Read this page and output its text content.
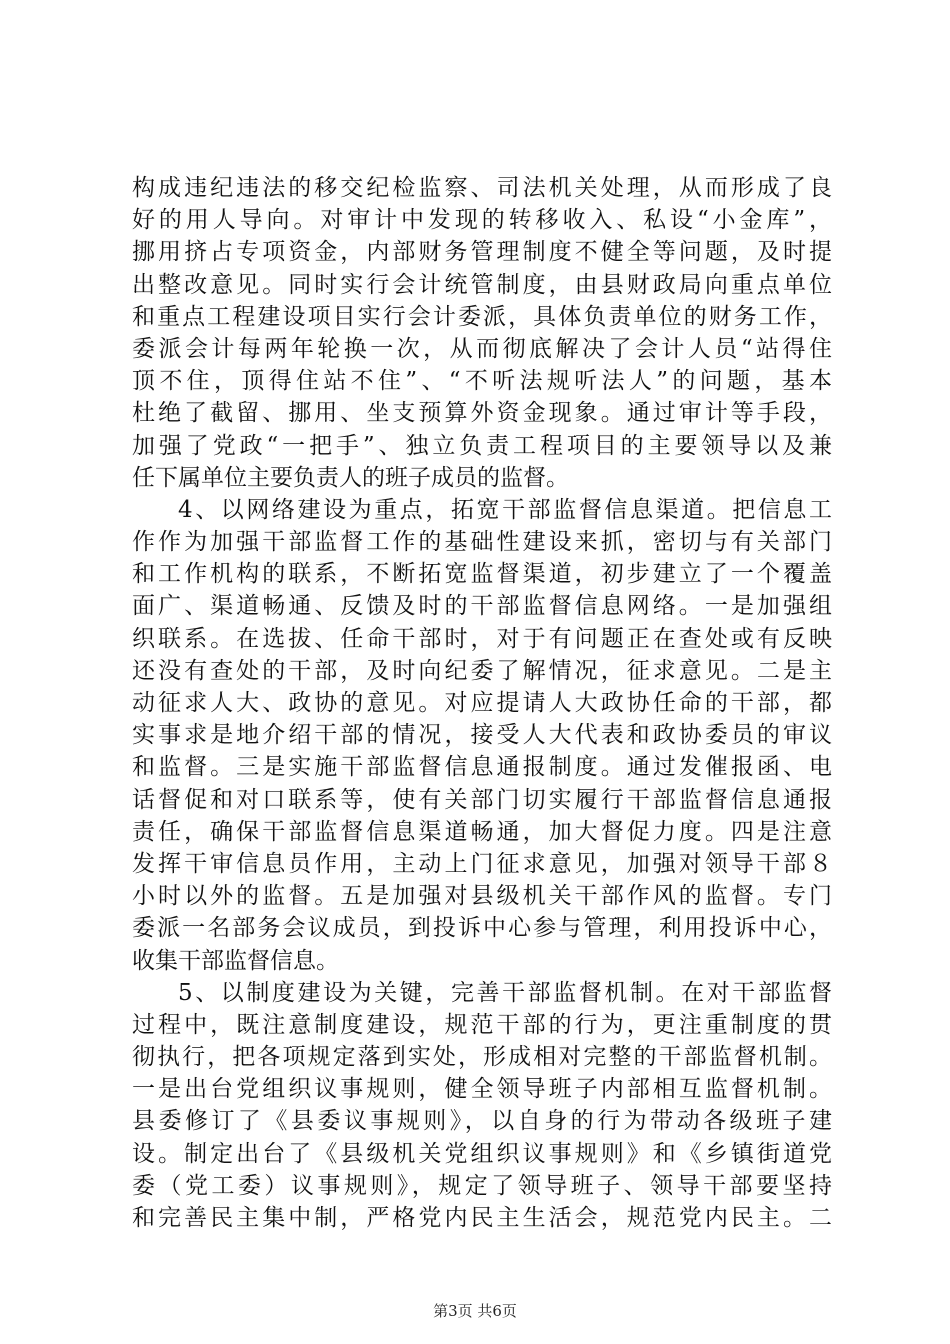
构成违纪违法的移交纪检监察、司法机关处理，从而形成了良
好的用人导向。对审计中发现的转移收入、私设“小金库”，
挪用挤占专项资金，内部财务管理制度不健全等问题，及时提
出整改意见。同时实行会计统管制度，由县财政局向重点单位
和重点工程建设项目实行会计委派，具体负责单位的财务工作，
委派会计每两年轮换一次，从而彻底解决了会计人员“站得住
顶不住，顶得住站不住”、“不听法规听法人”的问题，基本
杜绝了截留、挪用、坐支预算外资金现象。通过审计等手段，
加强了党政“一把手”、独立负责工程项目的主要领导以及兼
任下属单位主要负责人的班子成员的监督。
4、以网络建设为重点，拓宽干部监督信息渠道。把信息工
作作为加强干部监督工作的基础性建设来抓，密切与有关部门
和工作机构的联系，不断拓宽监督渠道，初步建立了一个覆盖
面广、渠道畅通、反馈及时的干部监督信息网络。一是加强组
织联系。在选拔、任命干部时，对于有问题正在查处或有反映
还没有查处的干部，及时向纪委了解情况，征求意见。二是主
动征求人大、政协的意见。对应提请人大政协任命的干部，都
实事求是地介绍干部的情况，接受人大代表和政协委员的审议
和监督。三是实施干部监督信息通报制度。通过发催报函、电
话督促和对口联系等，使有关部门切实履行干部监督信息通报
责任，确保干部监督信息渠道畅通，加大督促力度。四是注意
发挥干审信息员作用，主动上门征求意见，加强对领导干部８
小时以外的监督。五是加强对县级机关干部作风的监督。专门
委派一名部务会议成员，到投诉中心参与管理，利用投诉中心，
收集干部监督信息。
5、以制度建设为关键，完善干部监督机制。在对干部监督
过程中，既注意制度建设，规范干部的行为，更注重制度的贯
彻执行，把各项规定落到实处，形成相对完整的干部监督机制。
一是出台党组织议事规则，健全领导班子内部相互监督机制。
县委修订了《县委议事规则》，以自身的行为带动各级班子建
设。制定出台了《县级机关党组织议事规则》和《乡镇街道党
委（党工委）议事规则》，规定了领导班子、领导干部要坚持
和完善民主集中制，严格党内民主生活会，规范党内民主。二
第3页 共6页
